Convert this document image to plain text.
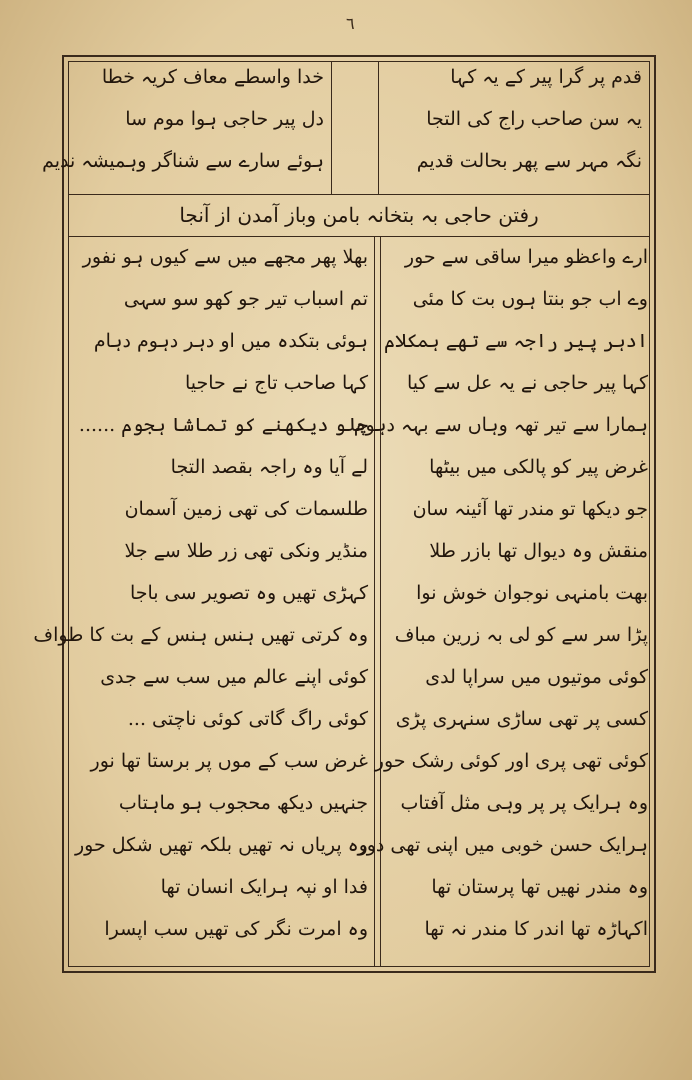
٦
قدم پر گرا پیر کے یہ کہا
یہ سن صاحب راج کی التجا
نگہ مہر سے پھر بحالت قدیم
خدا واسطے معاف کریہ خطا
دل پیر حاجی ہوا موم سا
ہوئے سارے سے شناگر وہمیشہ ندیم
رفتن حاجی بہ بتخانہ بامن وباز آمدن از آنجا
ارے واعظو میرا ساقی سے حور
وے اب جو بنتا ہوں بت کا مئی
ادہر پیر راجہ سے تھے ہمکلام
کہا پیر حاجی نے یہ عل سے کیا
ہمارا سے تیر تھہ وہاں سے بہہ دہوم
غرض پیر کو پالکی میں بیٹھا
جو دیکھا تو مندر تھا آئینہ سان
منقش وہ دیوال تھا بازر طلا
بھت بامنہی نوجوان خوش نوا
پڑا سر سے کو لی بہ زرین مباف
کوئی موتیوں میں سراپا لدی
کسی پر تھی ساڑی سنہری پڑی
کوئی تھی پری اور کوئی رشک حور
وہ ہرایک پر پر وہی مثل آفتاب
ہرایک حسن خوبی میں اپنی تھی دور
وہ مندر نھیں تھا پرستان تھا
اکہاڑہ تھا اندر کا مندر نہ تھا
بھلا پھر مجھے میں سے کیوں ہو نفور
تم اسباب تیر جو کھو سو سہی
ہوئی بتکدہ میں او دہر دہوم دہام
کہا صاحب تاج نے حاجیا
چلو دیکھنے کو تماشا ہجوم ......
لے آیا وہ راجہ بقصد التجا
طلسمات کی تھی زمین آسمان
منڈیر ونکی تھی زر طلا سے جلا
کہڑی تھیں وہ تصویر سی باجا
وہ کرتی تھیں ہنس ہنس کے بت کا طواف
کوئی اپنے عالم میں سب سے جدی
کوئی راگ گاتی کوئی ناچتی ...
غرض سب کے موں پر برستا تھا نور
جنہیں دیکھ محجوب ہو ماہتاب
وہ پریاں نہ تھیں بلکہ تھیں شکل حور
فدا او نپہ ہرایک انسان تھا
وہ امرت نگر کی تھیں سب اپسرا
